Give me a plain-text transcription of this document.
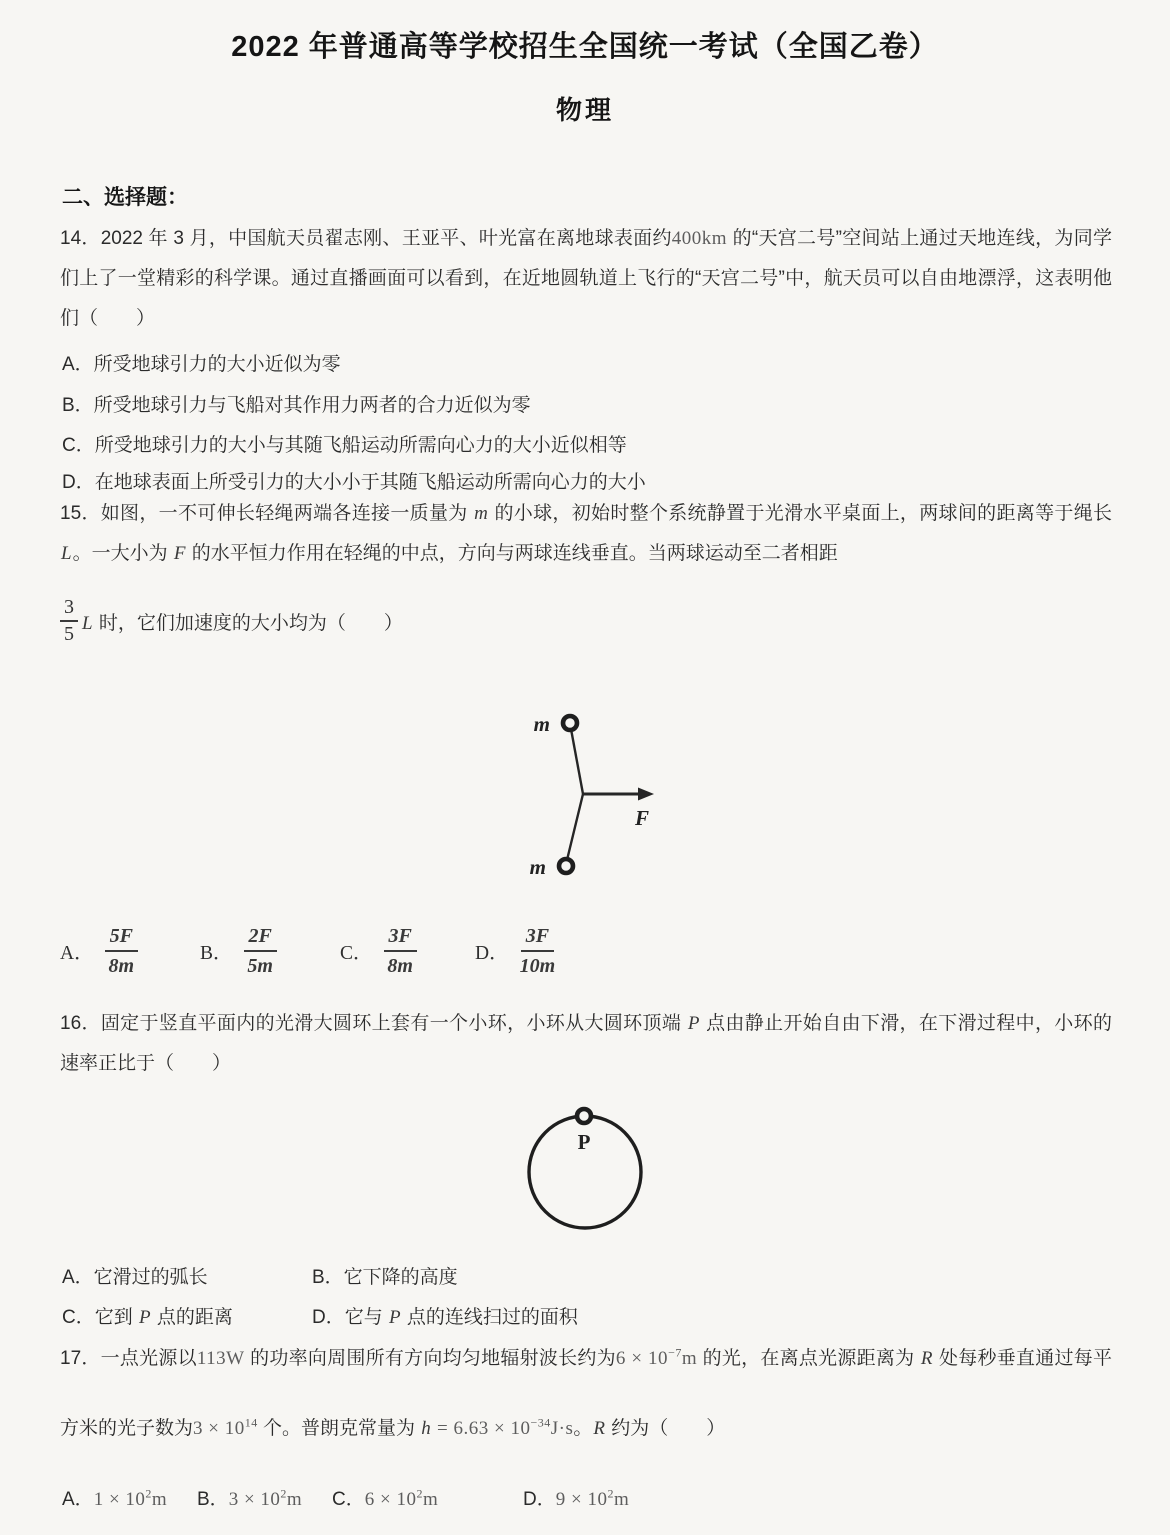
2022 年普通高等学校招生全国统一考试（全国乙卷）
物理
二、选择题：
14．2022 年 3 月，中国航天员翟志刚、王亚平、叶光富在离地球表面约400km 的“天宫二号”空间站上通过天地连线，为同学们上了一堂精彩的科学课。通过直播画面可以看到，在近地圆轨道上飞行的“天宫二号”中，航天员可以自由地漂浮，这表明他们（　　）
A．所受地球引力的大小近似为零
B．所受地球引力与飞船对其作用力两者的合力近似为零
C．所受地球引力的大小与其随飞船运动所需向心力的大小近似相等
D．在地球表面上所受引力的大小小于其随飞船运动所需向心力的大小
15．如图，一不可伸长轻绳两端各连接一质量为 m 的小球，初始时整个系统静置于光滑水平桌面上，两球间的距离等于绳长 L。一大小为 F 的水平恒力作用在轻绳的中点，方向与两球连线垂直。当两球运动至二者相距
3
5 L 时，它们加速度的大小均为（　　）
m
m
F
A． $\frac{5F}{8m}$	B． $\frac{2F}{5m}$	C． $\frac{3F}{8m}$	D． $\frac{3F}{10m}$
16．固定于竖直平面内的光滑大圆环上套有一个小环，小环从大圆环顶端 P 点由静止开始自由下滑，在下滑过程中，小环的速率正比于（　　）
P
A．它滑过的弧长	B．它下降的高度
C．它到 P 点的距离	D．它与 P 点的连线扫过的面积
17．一点光源以113W 的功率向周围所有方向均匀地辐射波长约为$6 \times 10^{-7}m$ 的光，在离点光源距离为 R 处每秒垂直通过每平方米的光子数为$3 \times 10^{14}$ 个。普朗克常量为 $h = 6.63 \times 10^{-34}J\cdot s$。R 约为（　　）
A．$1 \times 10^2m$ B．$3 \times 10^2m$ C．$6 \times 10^2m$	D．$9 \times 10^2m$
